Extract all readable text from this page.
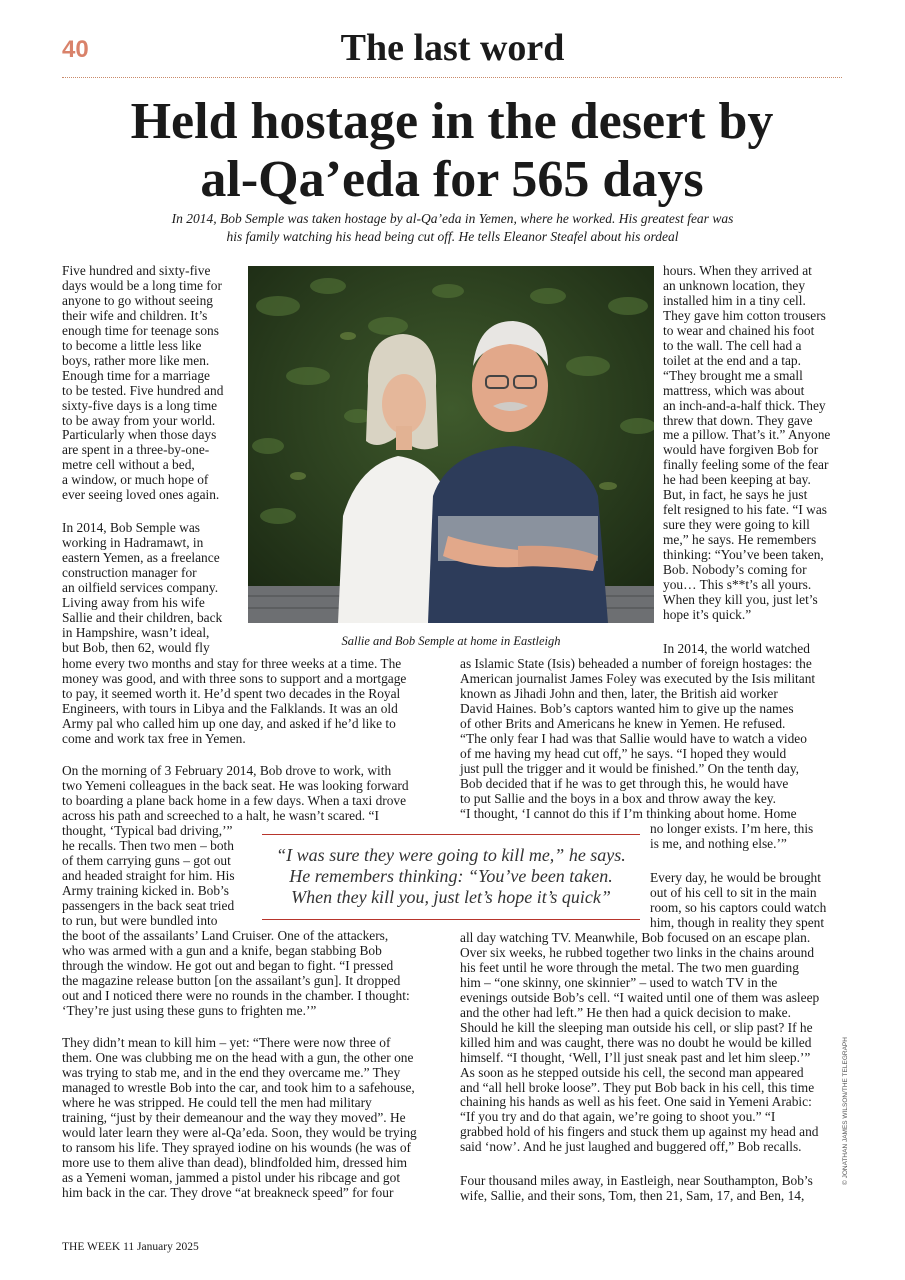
40	The last word
Held hostage in the desert by
al-Qa’eda for 565 days
In 2014, Bob Semple was taken hostage by al-Qa’eda in Yemen, where he worked. His greatest fear was
his family watching his head being cut off. He tells Eleanor Steafel about his ordeal
Sallie and Bob Semple at home in Eastleigh
Five hundred and sixty-five
days would be a long time for
anyone to go without seeing
their wife and children. It’s
enough time for teenage sons
to become a little less like
boys, rather more like men.
Enough time for a marriage
to be tested. Five hundred and
sixty-five days is a long time
to be away from your world.
Particularly when those days
are spent in a three-by-one-
metre cell without a bed,
a window, or much hope of
ever seeing loved ones again.
In 2014, Bob Semple was
working in Hadramawt, in
eastern Yemen, as a freelance
construction manager for
an oilfield services company.
Living away from his wife
Sallie and their children, back
in Hampshire, wasn’t ideal,
but Bob, then 62, would fly
home every two months and stay for three weeks at a time. The
money was good, and with three sons to support and a mortgage
to pay, it seemed worth it. He’d spent two decades in the Royal
Engineers, with tours in Libya and the Falklands. It was an old
Army pal who called him up one day, and asked if he’d like to
come and work tax free in Yemen.
On the morning of 3 February 2014, Bob drove to work, with
two Yemeni colleagues in the back seat. He was looking forward
to boarding a plane back home in a few days. When a taxi drove
across his path and screeched to a halt, he wasn’t scared. “I
thought, ‘Typical bad driving,’”
he recalls. Then two men – both
of them carrying guns – got out
and headed straight for him. His
Army training kicked in. Bob’s
passengers in the back seat tried
to run, but were bundled into
the boot of the assailants’ Land Cruiser. One of the attackers,
who was armed with a gun and a knife, began stabbing Bob
through the window. He got out and began to fight. “I pressed
the magazine release button [on the assailant’s gun]. It dropped
out and I noticed there were no rounds in the chamber. I thought:
‘They’re just using these guns to frighten me.’”
They didn’t mean to kill him – yet: “There were now three of
them. One was clubbing me on the head with a gun, the other one
was trying to stab me, and in the end they overcame me.” They
managed to wrestle Bob into the car, and took him to a safehouse,
where he was stripped. He could tell the men had military
training, “just by their demeanour and the way they moved”. He
would later learn they were al-Qa’eda. Soon, they would be trying
to ransom his life. They sprayed iodine on his wounds (he was of
more use to them alive than dead), blindfolded him, dressed him
as a Yemeni woman, jammed a pistol under his ribcage and got
him back in the car. They drove “at breakneck speed” for four
hours. When they arrived at
an unknown location, they
installed him in a tiny cell.
They gave him cotton trousers
to wear and chained his foot
to the wall. The cell had a
toilet at the end and a tap.
“They brought me a small
mattress, which was about
an inch-and-a-half thick. They
threw that down. They gave
me a pillow. That’s it.” Anyone
would have forgiven Bob for
finally feeling some of the fear
he had been keeping at bay.
But, in fact, he says he just
felt resigned to his fate. “I was
sure they were going to kill
me,” he says. He remembers
thinking: “You’ve been taken,
Bob. Nobody’s coming for
you… This s**t’s all yours.
When they kill you, just let’s
hope it’s quick.”
In 2014, the world watched
as Islamic State (Isis) beheaded a number of foreign hostages: the
American journalist James Foley was executed by the Isis militant
known as Jihadi John and then, later, the British aid worker
David Haines. Bob’s captors wanted him to give up the names
of other Brits and Americans he knew in Yemen. He refused.
“The only fear I had was that Sallie would have to watch a video
of me having my head cut off,” he says. “I hoped they would
just pull the trigger and it would be finished.” On the tenth day,
Bob decided that if he was to get through this, he would have
to put Sallie and the boys in a box and throw away the key.
“I thought, ‘I cannot do this if I’m thinking about home. Home
no longer exists. I’m here, this
is me, and nothing else.’”
Every day, he would be brought
out of his cell to sit in the main
room, so his captors could watch
him, though in reality they spent
all day watching TV. Meanwhile, Bob focused on an escape plan.
Over six weeks, he rubbed together two links in the chains around
his feet until he wore through the metal. The two men guarding
him – “one skinny, one skinnier” – used to watch TV in the
evenings outside Bob’s cell. “I waited until one of them was asleep
and the other had left.” He then had a quick decision to make.
Should he kill the sleeping man outside his cell, or slip past? If he
killed him and was caught, there was no doubt he would be killed
himself. “I thought, ‘Well, I’ll just sneak past and let him sleep.’”
As soon as he stepped outside his cell, the second man appeared
and “all hell broke loose”. They put Bob back in his cell, this time
chaining his hands as well as his feet. One said in Yemeni Arabic:
“If you try and do that again, we’re going to shoot you.” “I
grabbed hold of his fingers and stuck them up against my head and
said ‘now’. And he just laughed and buggered off,” Bob recalls.
Four thousand miles away, in Eastleigh, near Southampton, Bob’s
wife, Sallie, and their sons, Tom, then 21, Sam, 17, and Ben, 14,
“I was sure they were going to kill me,” he says.
He remembers thinking: “You’ve been taken.
When they kill you, just let’s hope it’s quick”
THE WEEK 11 January 2025
© JONATHAN JAMES WILSON/THE TELEGRAPH
